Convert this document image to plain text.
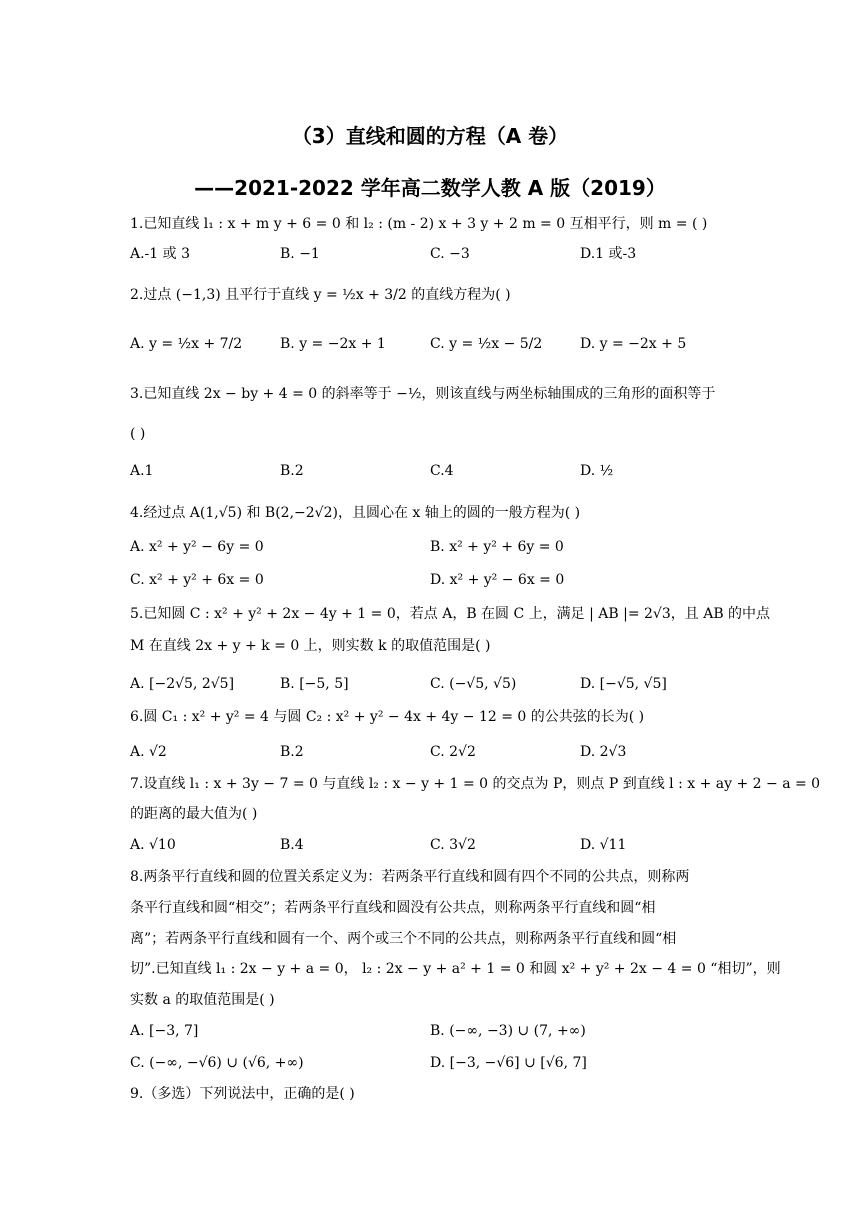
（3）直线和圆的方程（A 卷）
——2021-2022 学年高二数学人教 A 版（2019）
1.已知直线 l₁ : x + m y + 6 = 0 和 l₂ : (m - 2) x + 3 y + 2 m = 0 互相平行，则 m = ( )
A.-1 或 3	B. −1	C. −3	D.1 或-3
2.过点 (−1,3) 且平行于直线 y = ½x + 3/2 的直线方程为( )
A. y = ½x + 7/2	B. y = −2x + 1	C. y = ½x − 5/2	D. y = −2x + 5
3.已知直线 2x − by + 4 = 0 的斜率等于 −½，则该直线与两坐标轴围成的三角形的面积等于
( )
A.1	B.2	C.4	D. ½
4.经过点 A(1,√5) 和 B(2,−2√2)，且圆心在 x 轴上的圆的一般方程为( )
A. x² + y² − 6y = 0	B. x² + y² + 6y = 0
C. x² + y² + 6x = 0	D. x² + y² − 6x = 0
5.已知圆 C : x² + y² + 2x − 4y + 1 = 0，若点 A，B 在圆 C 上，满足 | AB |= 2√3，且 AB 的中点
M 在直线 2x + y + k = 0 上，则实数 k 的取值范围是( )
A. [−2√5, 2√5]	B. [−5, 5]	C. (−√5, √5)	D. [−√5, √5]
6.圆 C₁ : x² + y² = 4 与圆 C₂ : x² + y² − 4x + 4y − 12 = 0 的公共弦的长为( )
A. √2	B.2	C. 2√2	D. 2√3
7.设直线 l₁ : x + 3y − 7 = 0 与直线 l₂ : x − y + 1 = 0 的交点为 P，则点 P 到直线 l : x + ay + 2 − a = 0
的距离的最大值为( )
A. √10	B.4	C. 3√2	D. √11
8.两条平行直线和圆的位置关系定义为：若两条平行直线和圆有四个不同的公共点，则称两
条平行直线和圆“相交”；若两条平行直线和圆没有公共点，则称两条平行直线和圆“相
离”；若两条平行直线和圆有一个、两个或三个不同的公共点，则称两条平行直线和圆“相
切”.已知直线 l₁ : 2x − y + a = 0， l₂ : 2x − y + a² + 1 = 0 和圆 x² + y² + 2x − 4 = 0 “相切”，则
实数 a 的取值范围是( )
A. [−3, 7]	B. (−∞, −3) ∪ (7, +∞)
C. (−∞, −√6) ∪ (√6, +∞)	D. [−3, −√6] ∪ [√6, 7]
9.（多选）下列说法中，正确的是( )
